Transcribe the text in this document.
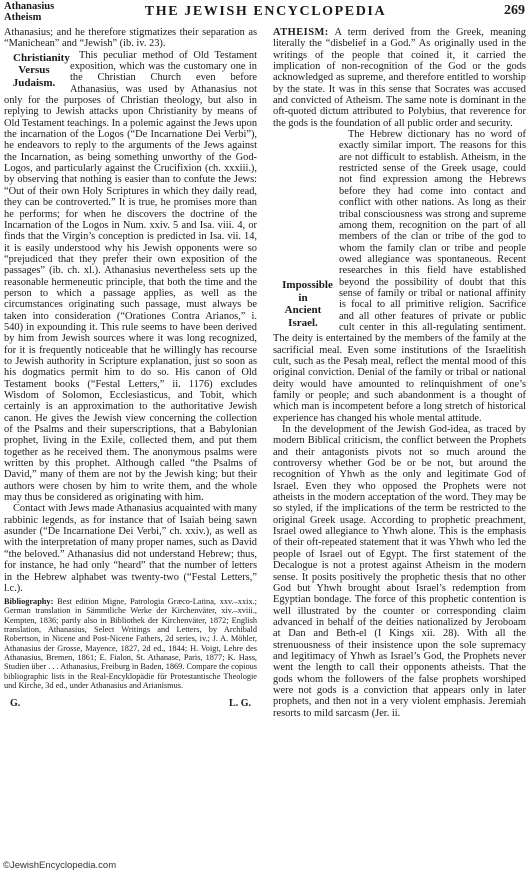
Athanasius
Atheism	THE JEWISH ENCYCLOPEDIA	269

Athanasius; and he therefore stigmatizes their separation as “Manichean” and “Jewish” (ib. iv. 23).

Christianity
Versus
Judaism.
This peculiar method of Old Testament exposition, which was the customary one in the Christian Church even before Athanasius, was used by Athanasius not only for the purposes of Christian theology, but also in replying to Jewish attacks upon Christianity by means of Old Testament teachings. In a polemic against the Jews upon the incarnation of the Logos (“De Incarnatione Dei Verbi”), he endeavors to reply to the arguments of the Jews against the Incarnation, as being something unworthy of the God-Logos, and particularly against the Crucifixion (ch. xxxiii.), by observing that nothing is easier than to confute the Jews: “Out of their own Holy Scriptures in which they daily read, they can be controverted.” It is true, he promises more than he performs; for when he discovers the doctrine of the Incarnation of the Logos in Num. xxiv. 5 and Isa. viii. 4, or finds that the Virgin’s conception is predicted in Isa. vii. 14, it is easily understood why his Jewish opponents were so “prejudiced that they prefer their own exposition of the passages” (ib. ch. xl.). Athanasius nevertheless sets up the reasonable hermeneutic principle, that both the time and the person to which a passage applies, as well as the circumstances originating such passage, must always be taken into consideration (“Orationes Contra Arianos,” i. 540) in expounding it. This rule seems to have been derived by him from Jewish sources where it was long recognized, for it is frequently noticeable that he willingly has recourse to Jewish authority in Scripture explanation, just so soon as his dogmatics permit him to do so. His canon of Old Testament books (“Festal Letters,” ii. 1176) excludes Wisdom of Solomon, Ecclesiasticus, and Tobit, which certainly is an approximation to the authoritative Jewish canon. He gives the Jewish view concerning the collection of the Psalms and their superscriptions, that a Babylonian prophet, living in the Exile, collected them, and put them together as he received them. The anonymous psalms were written by this prophet. Although called “the Psalms of David,” many of them are not by the Jewish king; but their authors were chosen by him to write them, and the whole may thus be considered as originating with him.

Contact with Jews made Athanasius acquainted with many rabbinic legends, as for instance that of Isaiah being sawn asunder (“De Incarnatione Dei Verbi,” ch. xxiv.), as well as with the interpretation of many proper names, such as David “the beloved.” Athanasius did not understand Hebrew; thus, for instance, he had only “heard” that the number of letters in the Hebrew alphabet was twenty-two (“Festal Letters,” l.c.).

Bibliography: Best edition Migne, Patrologia Græco-Latina, xxv.–xxix.; German translation in Sämmtliche Werke der Kirchenväter, xiv.–xviii., Kempten, 1836; partly also in Bibliothek der Kirchenväter, 1872; English translation, Athanasius, Select Writings and Letters, by Archibald Robertson, in Nicene and Post-Nicene Fathers, 2d series, iv.; J. A. Möhler, Athanasius der Grosse, Mayence, 1827, 2d ed., 1844; H. Voigt, Lehre des Athanasius, Bremen, 1861; E. Fialon, St. Athanase, Paris, 1877; K. Hass, Studien über . . . Athanasius, Freiburg in Baden, 1869. Compare the copious bibliographic lists in the Real-Encyklopädie für Protestantische Theologie und Kirche, 3d ed., under Athanasius and Arianismus.

G.	L. G.

ATHEISM: A term derived from the Greek, meaning literally the “disbelief in a God.” As originally used in the writings of the people that coined it, it carried the implication of non-recognition of the God or the gods acknowledged as supreme, and therefore entitled to worship by the state. It was in this sense that Socrates was accused and convicted of Atheism. The same note is dominant in the oft-quoted dictum attributed to Polybius, that reverence for the gods is the foundation of all public order and security.

Impossible
in
Ancient
Israel.
The Hebrew dictionary has no word of exactly similar import. The reasons for this are not difficult to establish. Atheism, in the restricted sense of the Greek usage, could not find expression among the Hebrews before they had come into contact and conflict with other nations. As long as their tribal consciousness was strong and supreme among them, recognition on the part of all members of the clan or tribe of the god to whom the family clan or tribe and people owed allegiance was spontaneous. Recent researches in this field have established beyond the possibility of doubt that this sense of family or tribal or national affinity is focal to all primitive religion. Sacrifice and all other features of private or public cult center in this all-regulating sentiment. The deity is entertained by the members of the family at the sacrificial meal. Even some institutions of the Israelitish cult, such as the Pesaḥ meal, reflect the mental mood of this original conviction. Denial of the family or tribal or national deity would have amounted to relinquishment of one’s family or people; and such abandonment is a thought of which man is incompetent before a long stretch of historical experience has changed his whole mental attitude.

In the development of the Jewish God-idea, as traced by modern Biblical criticism, the conflict between the Prophets and their antagonists pivots not so much around the controversy whether God be or be not, but around the recognition of Yhwh as the only and legitimate God of Israel. Even they who opposed the Prophets were not atheists in the modern acceptation of the word. They may be so styled, if the implications of the term be restricted to the original Greek usage. According to prophetic preachment, Israel owed allegiance to Yhwh alone. This is the emphasis of their oft-repeated statement that it was Yhwh who led the people of Israel out of Egypt. The first statement of the Decalogue is not a protest against Atheism in the modern sense. It posits positively the prophetic thesis that no other God but Yhwh brought about Israel’s redemption from Egyptian bondage. The force of this prophetic contention is well illustrated by the counter or corresponding claim advanced in behalf of the deities nationalized by Jeroboam at Dan and Beth-el (I Kings xii. 28). With all the strenuousness of their insistence upon the sole supremacy and legitimacy of Yhwh as Israel’s God, the Prophets never went the length to call their opponents atheists. That the gods whom the followers of the false prophets worshiped were not gods is a conviction that appears only in later prophets, and then not in a very violent emphasis. Jeremiah resorts to mild sarcasm (Jer. ii.

©JewishEncyclopedia.com
